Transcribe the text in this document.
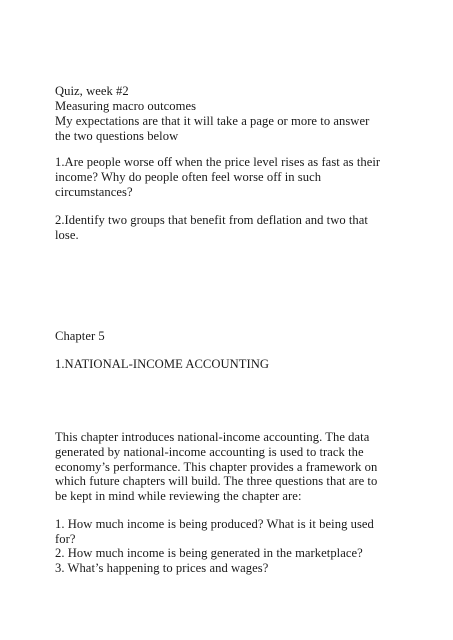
Quiz, week #2
Measuring macro outcomes
My expectations are that it will take a page or more to answer
the two questions below
1.Are people worse off when the price level rises as fast as their
income? Why do people often feel worse off in such
circumstances?
2.Identify two groups that benefit from deflation and two that
lose.
Chapter 5
1.NATIONAL-INCOME ACCOUNTING
This chapter introduces national-income accounting. The data
generated by national-income accounting is used to track the
economy’s performance. This chapter provides a framework on
which future chapters will build. The three questions that are to
be kept in mind while reviewing the chapter are:
1. How much income is being produced? What is it being used
for?
2. How much income is being generated in the marketplace?
3. What’s happening to prices and wages?
